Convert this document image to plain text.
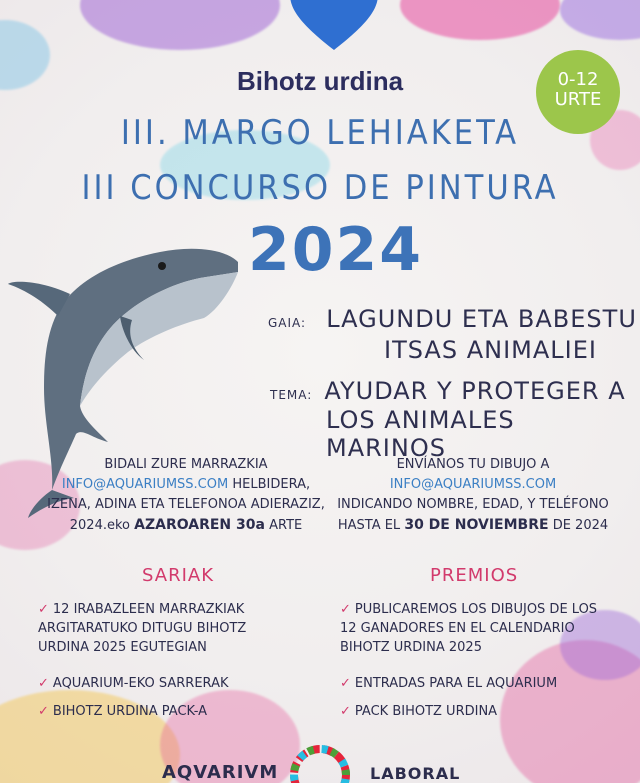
Bihotz urdina	0-12
URTE
III. MARGO LEHIAKETA
III CONCURSO DE PINTURA
2024
GAIA: LAGUNDU ETA BABESTU
ITSAS ANIMALIEI
TEMA: AYUDAR Y PROTEGER A
LOS ANIMALES MARINOS
BIDALI ZURE MARRAZKIA
INFO@AQUARIUMSS.COM HELBIDERA,
IZENA, ADINA ETA TELEFONOA ADIERAZIZ,
2024.eko AZAROAREN 30a ARTE
ENVÍANOS TU DIBUJO A
INFO@AQUARIUMSS.COM
INDICANDO NOMBRE, EDAD, Y TELÉFONO
HASTA EL 30 DE NOVIEMBRE DE 2024
SARIAK	PREMIOS
✓ 12 IRABAZLEEN MARRAZKIAK ARGITARATUKO DITUGU BIHOTZ URDINA 2025 EGUTEGIAN
✓ AQUARIUM-EKO SARRERAK
✓ BIHOTZ URDINA PACK-A
✓ PUBLICAREMOS LOS DIBUJOS DE LOS 12 GANADORES EN EL CALENDARIO BIHOTZ URDINA 2025
✓ ENTRADAS PARA EL AQUARIUM
✓ PACK BIHOTZ URDINA
AQVARIVM	LABORAL
